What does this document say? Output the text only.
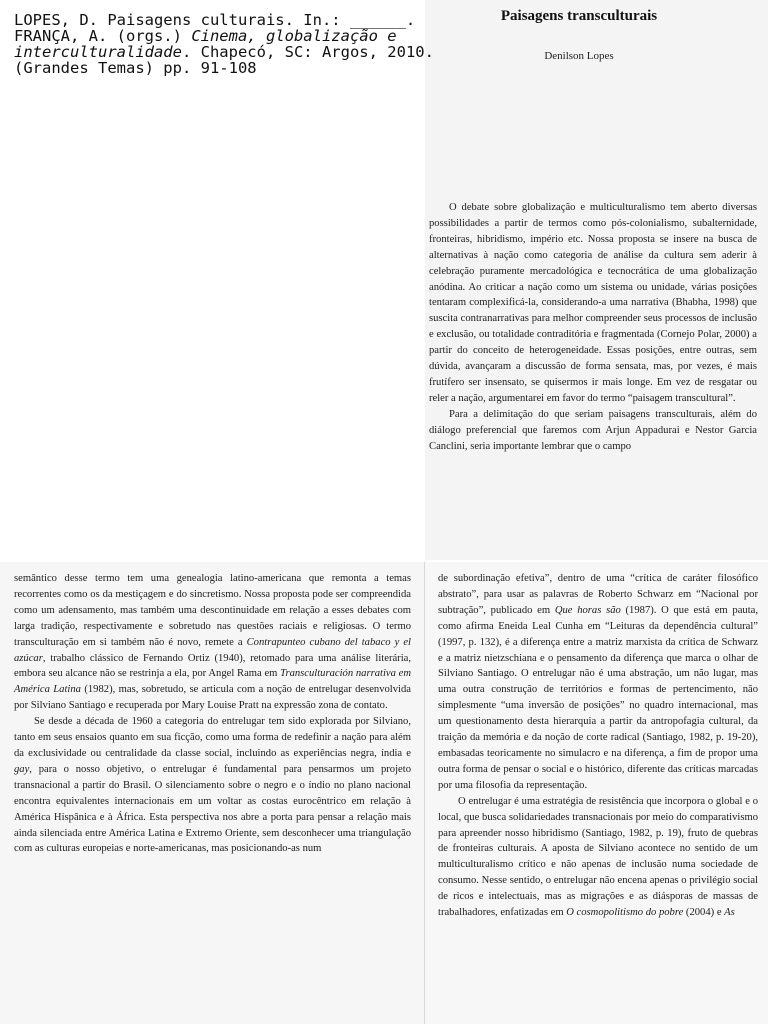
LOPES, D. Paisagens culturais. In.: ______.

FRANÇA, A. (orgs.) Cinema, globalização e

interculturalidade. Chapecó, SC: Argos, 2010.

(Grandes Temas) pp. 91-108

Paisagens transculturais

Denilson Lopes

O debate sobre globalização e multiculturalismo tem aberto diversas possibilidades a partir de termos como pós-colonialismo, subalternidade, fronteiras, hibridismo, império etc. Nossa proposta se insere na busca de alternativas à nação como categoria de análise da cultura sem aderir à celebração puramente mercadológica e tecnocrática de uma globalização anódina. Ao criticar a nação como um sistema ou unidade, várias posições tentaram complexificá-la, considerando-a uma narrativa (Bhabha, 1998) que suscita contranarrativas para melhor compreender seus processos de inclusão e exclusão, ou totalidade contraditória e fragmentada (Cornejo Polar, 2000) a partir do conceito de heterogeneidade. Essas posições, entre outras, sem dúvida, avançaram a discussão de forma sensata, mas, por vezes, é mais frutífero ser insensato, se quisermos ir mais longe. Em vez de resgatar ou reler a nação, argumentarei em favor do termo “paisagem transcultural”.

Para a delimitação do que seriam paisagens transculturais, além do diálogo preferencial que faremos com Arjun Appadurai e Nestor Garcia Canclini, seria importante lembrar que o campo

semântico desse termo tem uma genealogia latino-americana que remonta a temas recorrentes como os da mestiçagem e do sincretismo. Nossa proposta pode ser compreendida como um adensamento, mas também uma descontinuidade em relação a esses debates com larga tradição, respectivamente e sobretudo nas questões raciais e religiosas. O termo transculturação em si também não é novo, remete a Contrapunteo cubano del tabaco y el azúcar, trabalho clássico de Fernando Ortiz (1940), retomado para uma análise literária, embora seu alcance não se restrinja a ela, por Angel Rama em Transculturación narrativa em América Latina (1982), mas, sobretudo, se articula com a noção de entrelugar desenvolvida por Silviano Santiago e recuperada por Mary Louise Pratt na expressão zona de contato.

Se desde a década de 1960 a categoria do entrelugar tem sido explorada por Silviano, tanto em seus ensaios quanto em sua ficção, como uma forma de redefinir a nação para além da exclusividade ou centralidade da classe social, incluindo as experiências negra, índia e gay, para o nosso objetivo, o entrelugar é fundamental para pensarmos um projeto transnacional a partir do Brasil. O silenciamento sobre o negro e o índio no plano nacional encontra equivalentes internacionais em um voltar as costas eurocêntrico em relação à América Hispânica e à África. Esta perspectiva nos abre a porta para pensar a relação mais ainda silenciada entre América Latina e Extremo Oriente, sem desconhecer uma triangulação com as culturas europeias e norte-americanas, mas posicionando-as num

de subordinação efetiva”, dentro de uma “crítica de caráter filosófico abstrato”, para usar as palavras de Roberto Schwarz em “Nacional por subtração”, publicado em Que horas são (1987). O que está em pauta, como afirma Eneida Leal Cunha em “Leituras da dependência cultural” (1997, p. 132), é a diferença entre a matriz marxista da crítica de Schwarz e a matriz nietzschiana e o pensamento da diferença que marca o olhar de Silviano Santiago. O entrelugar não é uma abstração, um não lugar, mas uma outra construção de territórios e formas de pertencimento, não simplesmente “uma inversão de posições” no quadro internacional, mas um questionamento desta hierarquia a partir da antropofagia cultural, da traição da memória e da noção de corte radical (Santiago, 1982, p. 19-20), embasadas teoricamente no simulacro e na diferença, a fim de propor uma outra forma de pensar o social e o histórico, diferente das críticas marcadas por uma filosofia da representação.

O entrelugar é uma estratégia de resistência que incorpora o global e o local, que busca solidariedades transnacionais por meio do comparativismo para apreender nosso hibridismo (Santiago, 1982, p. 19), fruto de quebras de fronteiras culturais. A aposta de Silviano acontece no sentido de um multiculturalismo crítico e não apenas de inclusão numa sociedade de consumo. Nesse sentido, o entrelugar não encena apenas o privilégio social de ricos e intelectuais, mas as migrações e as diásporas de massas de trabalhadores, enfatizadas em O cosmopolitismo do pobre (2004) e As
